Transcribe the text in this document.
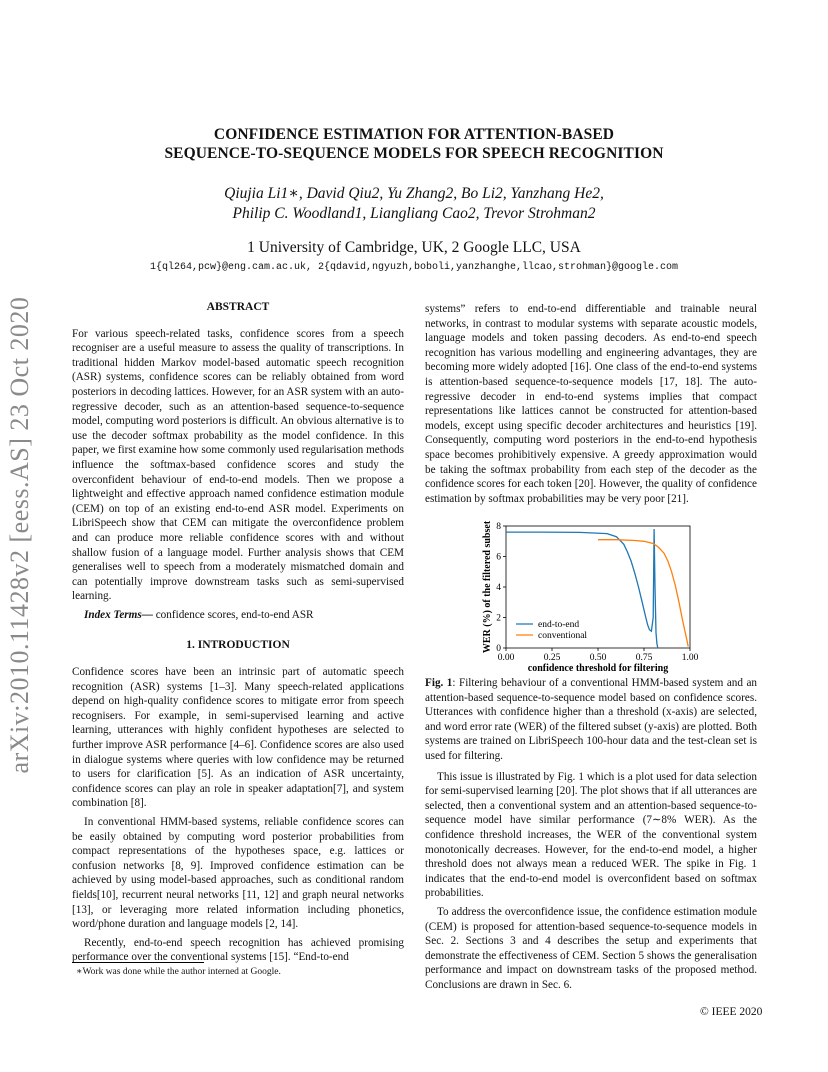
CONFIDENCE ESTIMATION FOR ATTENTION-BASED
SEQUENCE-TO-SEQUENCE MODELS FOR SPEECH RECOGNITION
Qiujia Li1∗, David Qiu2, Yu Zhang2, Bo Li2, Yanzhang He2,
Philip C. Woodland1, Liangliang Cao2, Trevor Strohman2
1 University of Cambridge, UK, 2 Google LLC, USA
1{ql264,pcw}@eng.cam.ac.uk, 2{qdavid,ngyuzh,boboli,yanzhanghe,llcao,strohman}@google.com
arXiv:2010.11428v2 [eess.AS] 23 Oct 2020	ABSTRACT

For various speech-related tasks, confidence scores from a speech recogniser are a useful measure to assess the quality of transcriptions. In traditional hidden Markov model-based automatic speech recognition (ASR) systems, confidence scores can be reliably obtained from word posteriors in decoding lattices. However, for an ASR system with an auto-regressive decoder, such as an attention-based sequence-to-sequence model, computing word posteriors is difficult. An obvious alternative is to use the decoder softmax probability as the model confidence. In this paper, we first examine how some commonly used regularisation methods influence the softmax-based confidence scores and study the overconfident behaviour of end-to-end models. Then we propose a lightweight and effective approach named confidence estimation module (CEM) on top of an existing end-to-end ASR model. Experiments on LibriSpeech show that CEM can mitigate the overconfidence problem and can produce more reliable confidence scores with and without shallow fusion of a language model. Further analysis shows that CEM generalises well to speech from a moderately mismatched domain and can potentially improve downstream tasks such as semi-supervised learning.

Index Terms— confidence scores, end-to-end ASR

1. INTRODUCTION

Confidence scores have been an intrinsic part of automatic speech recognition (ASR) systems [1–3]. Many speech-related applications depend on high-quality confidence scores to mitigate error from speech recognisers. For example, in semi-supervised learning and active learning, utterances with highly confident hypotheses are selected to further improve ASR performance [4–6]. Confidence scores are also used in dialogue systems where queries with low confidence may be returned to users for clarification [5]. As an indication of ASR uncertainty, confidence scores can play an role in speaker adaptation[7], and system combination [8].

In conventional HMM-based systems, reliable confidence scores can be easily obtained by computing word posterior probabilities from compact representations of the hypotheses space, e.g. lattices or confusion networks [8, 9]. Improved confidence estimation can be achieved by using model-based approaches, such as conditional random fields[10], recurrent neural networks [11, 12] and graph neural networks [13], or leveraging more related information including phonetics, word/phone duration and language models [2, 14].

Recently, end-to-end speech recognition has achieved promising performance over the conventional systems [15]. “End-to-end

∗Work was done while the author interned at Google.

systems” refers to end-to-end differentiable and trainable neural networks, in contrast to modular systems with separate acoustic models, language models and token passing decoders. As end-to-end speech recognition has various modelling and engineering advantages, they are becoming more widely adopted [16]. One class of the end-to-end systems is attention-based sequence-to-sequence models [17, 18]. The auto-regressive decoder in end-to-end systems implies that compact representations like lattices cannot be constructed for attention-based models, except using specific decoder architectures and heuristics [19]. Consequently, computing word posteriors in the end-to-end hypothesis space becomes prohibitively expensive. A greedy approximation would be taking the softmax probability from each step of the decoder as the confidence scores for each token [20]. However, the quality of confidence estimation by softmax probabilities may be very poor [21].

0.00	0.25	0.50	0.75	1.00
0
2
4
6
8
confidence threshold for filtering
WER (%) of the filtered subset	end-to-end
conventional

Fig. 1: Filtering behaviour of a conventional HMM-based system and an attention-based sequence-to-sequence model based on confidence scores. Utterances with confidence higher than a threshold (x-axis) are selected, and word error rate (WER) of the filtered subset (y-axis) are plotted. Both systems are trained on LibriSpeech 100-hour data and the test-clean set is used for filtering.

This issue is illustrated by Fig. 1 which is a plot used for data selection for semi-supervised learning [20]. The plot shows that if all utterances are selected, then a conventional system and an attention-based sequence-to-sequence model have similar performance (7∼8% WER). As the confidence threshold increases, the WER of the conventional system monotonically decreases. However, for the end-to-end model, a higher threshold does not always mean a reduced WER. The spike in Fig. 1 indicates that the end-to-end model is overconfident based on softmax probabilities.

To address the overconfidence issue, the confidence estimation module (CEM) is proposed for attention-based sequence-to-sequence models in Sec. 2. Sections 3 and 4 describes the setup and experiments that demonstrate the effectiveness of CEM. Section 5 shows the generalisation performance and impact on downstream tasks of the proposed method. Conclusions are drawn in Sec. 6.

© IEEE 2020
